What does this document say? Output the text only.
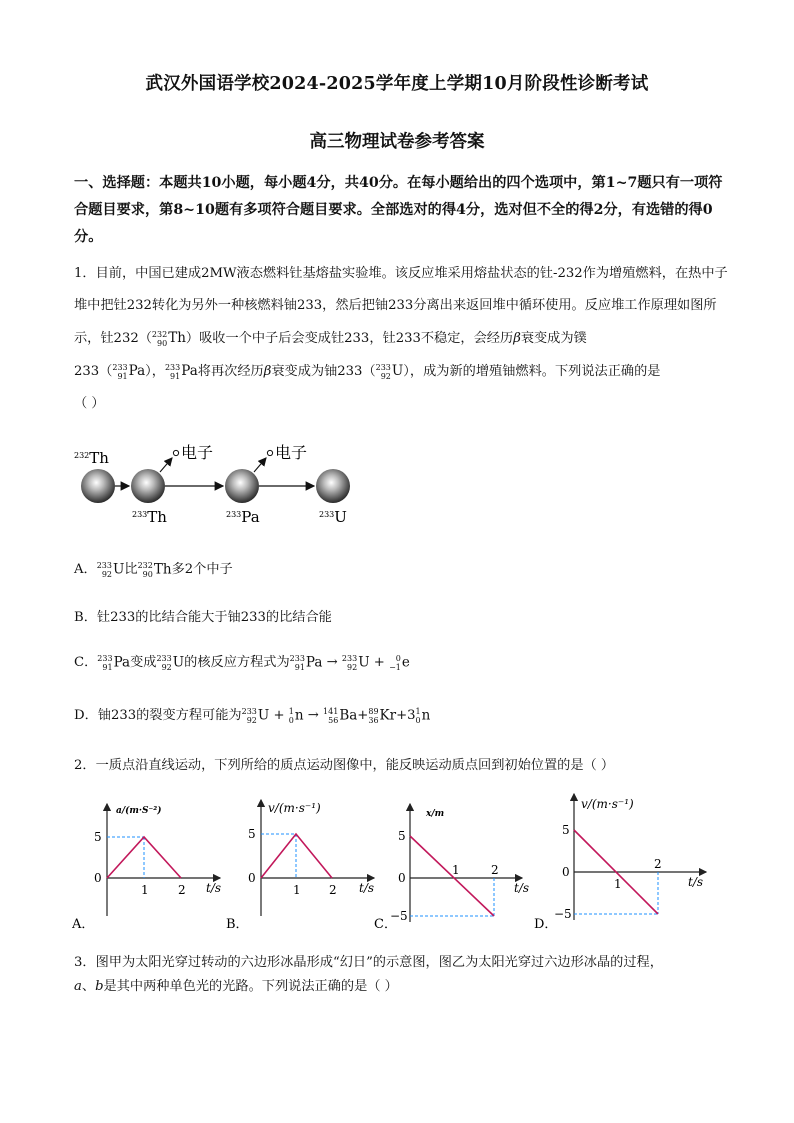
武汉外国语学校2024-2025学年度上学期10月阶段性诊断考试
高三物理试卷参考答案
一、选择题：本题共10小题，每小题4分，共40分。在每小题给出的四个选项中，第1~7题只有一项符合题目要求，第8~10题有多项符合题目要求。全部选对的得4分，选对但不全的得2分，有选错的得0分。
1．目前，中国已建成2MW液态燃料钍基熔盐实验堆。该反应堆采用熔盐状态的钍-232作为增殖燃料，在热中子堆中把钍232转化为另外一种核燃料铀233，然后把铀233分离出来返回堆中循环使用。反应堆工作原理如图所示，钍232（ 232
90 Th）吸收一个中子后会变成钍233，钍233不稳定，会经历β衰变成为镤
233（ 233
91 Pa）， 233
91 Pa将再次经历β衰变成为铀233（ 233
92 U），成为新的增殖铀燃料。下列说法正确的是
（ ）
电子	电子
$^{232}$Th
$^{233}$Th	$^{233}$Pa	$^{233}$U
A． 233
92 U比 232
90 Th多2个中子
B．钍233的比结合能大于铀233的比结合能
C． 233
91 Pa变成 233
92 U的核反应方程式为 233
91 Pa → 233
92 U +	0
−1 e
D．铀233的裂变方程可能为 233
92 U + 1
0 n → 141
56 Ba+ 89
36 Kr+3 1
0 n
2．一质点沿直线运动，下列所给的质点运动图像中，能反映运动质点回到初始位置的是（ ）
a/(m·S⁻²)
5
0
1 2 t/s
A．
v/(m·s⁻¹)
5
0
1 2 t/s
B．
x/m
5
0
1	2
−5
t/s
C．
v/(m·s⁻¹)
5
0
1
2
−5
t/s
D．
3．图甲为太阳光穿过转动的六边形冰晶形成“幻日”的示意图，图乙为太阳光穿过六边形冰晶的过程，
a、b是其中两种单色光的光路。下列说法正确的是（ ）
